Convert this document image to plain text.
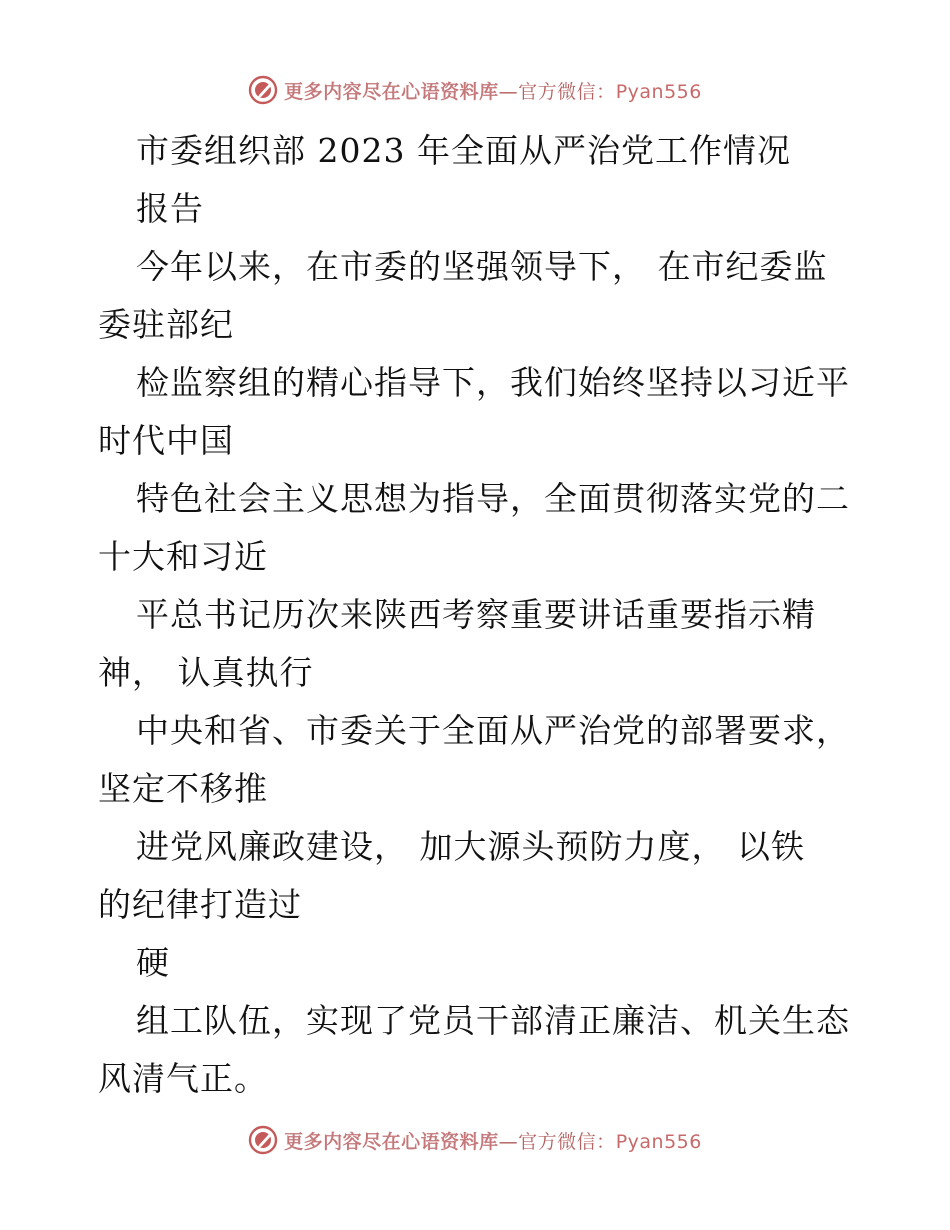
更多内容尽在心语资料库—官方微信：Pyan556
市委组织部 2023 年全面从严治党工作情况
报告
今年以来，在市委的坚强领导下， 在市纪委监
委驻部纪
检监察组的精心指导下，我们始终坚持以习近平
时代中国
特色社会主义思想为指导，全面贯彻落实党的二
十大和习近
平总书记历次来陕西考察重要讲话重要指示精
神， 认真执行
中央和省、市委关于全面从严治党的部署要求，
坚定不移推
进党风廉政建设， 加大源头预防力度， 以铁
的纪律打造过
硬
组工队伍，实现了党员干部清正廉洁、机关生态
风清气正。
更多内容尽在心语资料库—官方微信：Pyan556
